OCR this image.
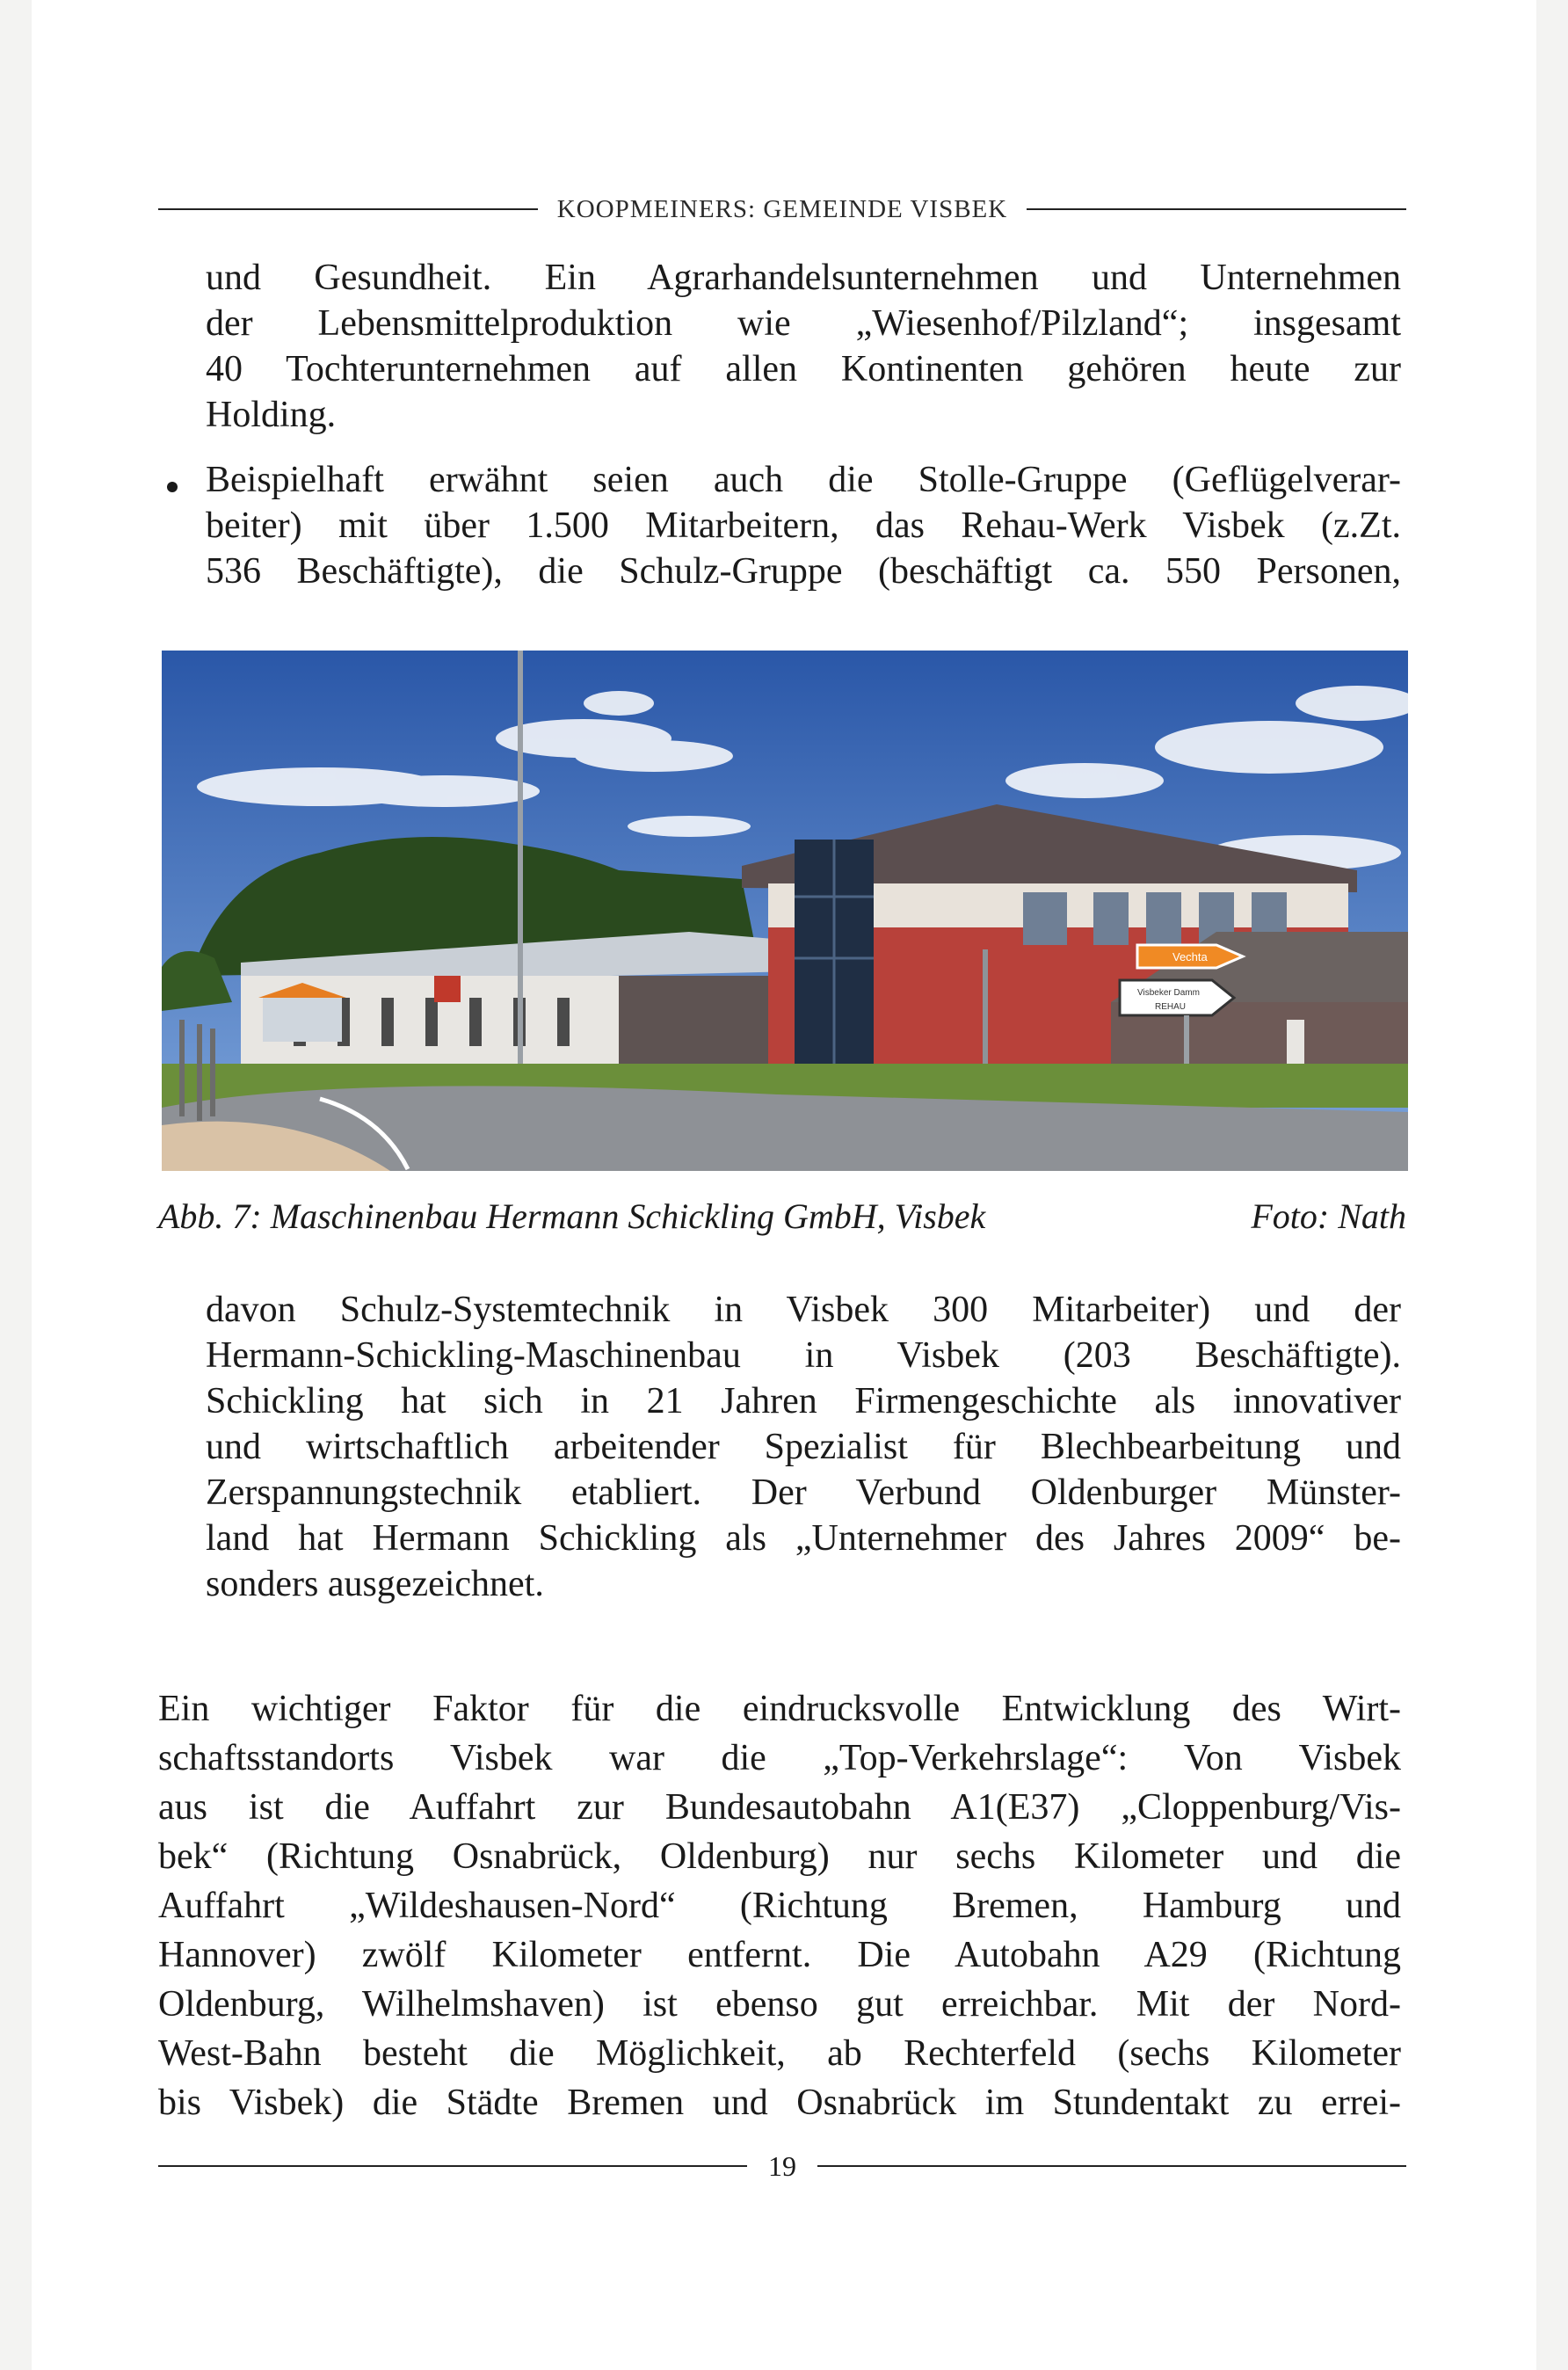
KOOPMEINERS: GEMEINDE VISBEK
und Gesundheit. Ein Agrarhandelsunternehmen und Unternehmen
der Lebensmittelproduktion wie „Wiesenhof/Pilzland“; insgesamt
40 Tochterunternehmen auf allen Kontinenten gehören heute zur
Holding.
Beispielhaft erwähnt seien auch die Stolle-Gruppe (Geflügelverar-
beiter) mit über 1.500 Mitarbeitern, das Rehau-Werk Visbek (z.Zt.
536 Beschäftigte), die Schulz-Gruppe (beschäftigt ca. 550 Personen,
Vechta
Visbeker Damm
REHAU
Abb. 7: Maschinenbau Hermann Schickling GmbH, Visbek	Foto: Nath
davon Schulz-Systemtechnik in Visbek 300 Mitarbeiter) und der
Hermann-Schickling-Maschinenbau in Visbek (203 Beschäftigte).
Schickling hat sich in 21 Jahren Firmengeschichte als innovativer
und wirtschaftlich arbeitender Spezialist für Blechbearbeitung und
Zerspannungstechnik etabliert. Der Verbund Oldenburger Münster-
land hat Hermann Schickling als „Unternehmer des Jahres 2009“ be-
sonders ausgezeichnet.
Ein wichtiger Faktor für die eindrucksvolle Entwicklung des Wirt-
schaftsstandorts Visbek war die „Top-Verkehrslage“: Von Visbek
aus ist die Auffahrt zur Bundesautobahn A1(E37) „Cloppenburg/Vis-
bek“ (Richtung Osnabrück, Oldenburg) nur sechs Kilometer und die
Auffahrt „Wildeshausen-Nord“ (Richtung Bremen, Hamburg und
Hannover) zwölf Kilometer entfernt. Die Autobahn A29 (Richtung
Oldenburg, Wilhelmshaven) ist ebenso gut erreichbar. Mit der Nord-
West-Bahn besteht die Möglichkeit, ab Rechterfeld (sechs Kilometer
bis Visbek) die Städte Bremen und Osnabrück im Stundentakt zu errei-
19
